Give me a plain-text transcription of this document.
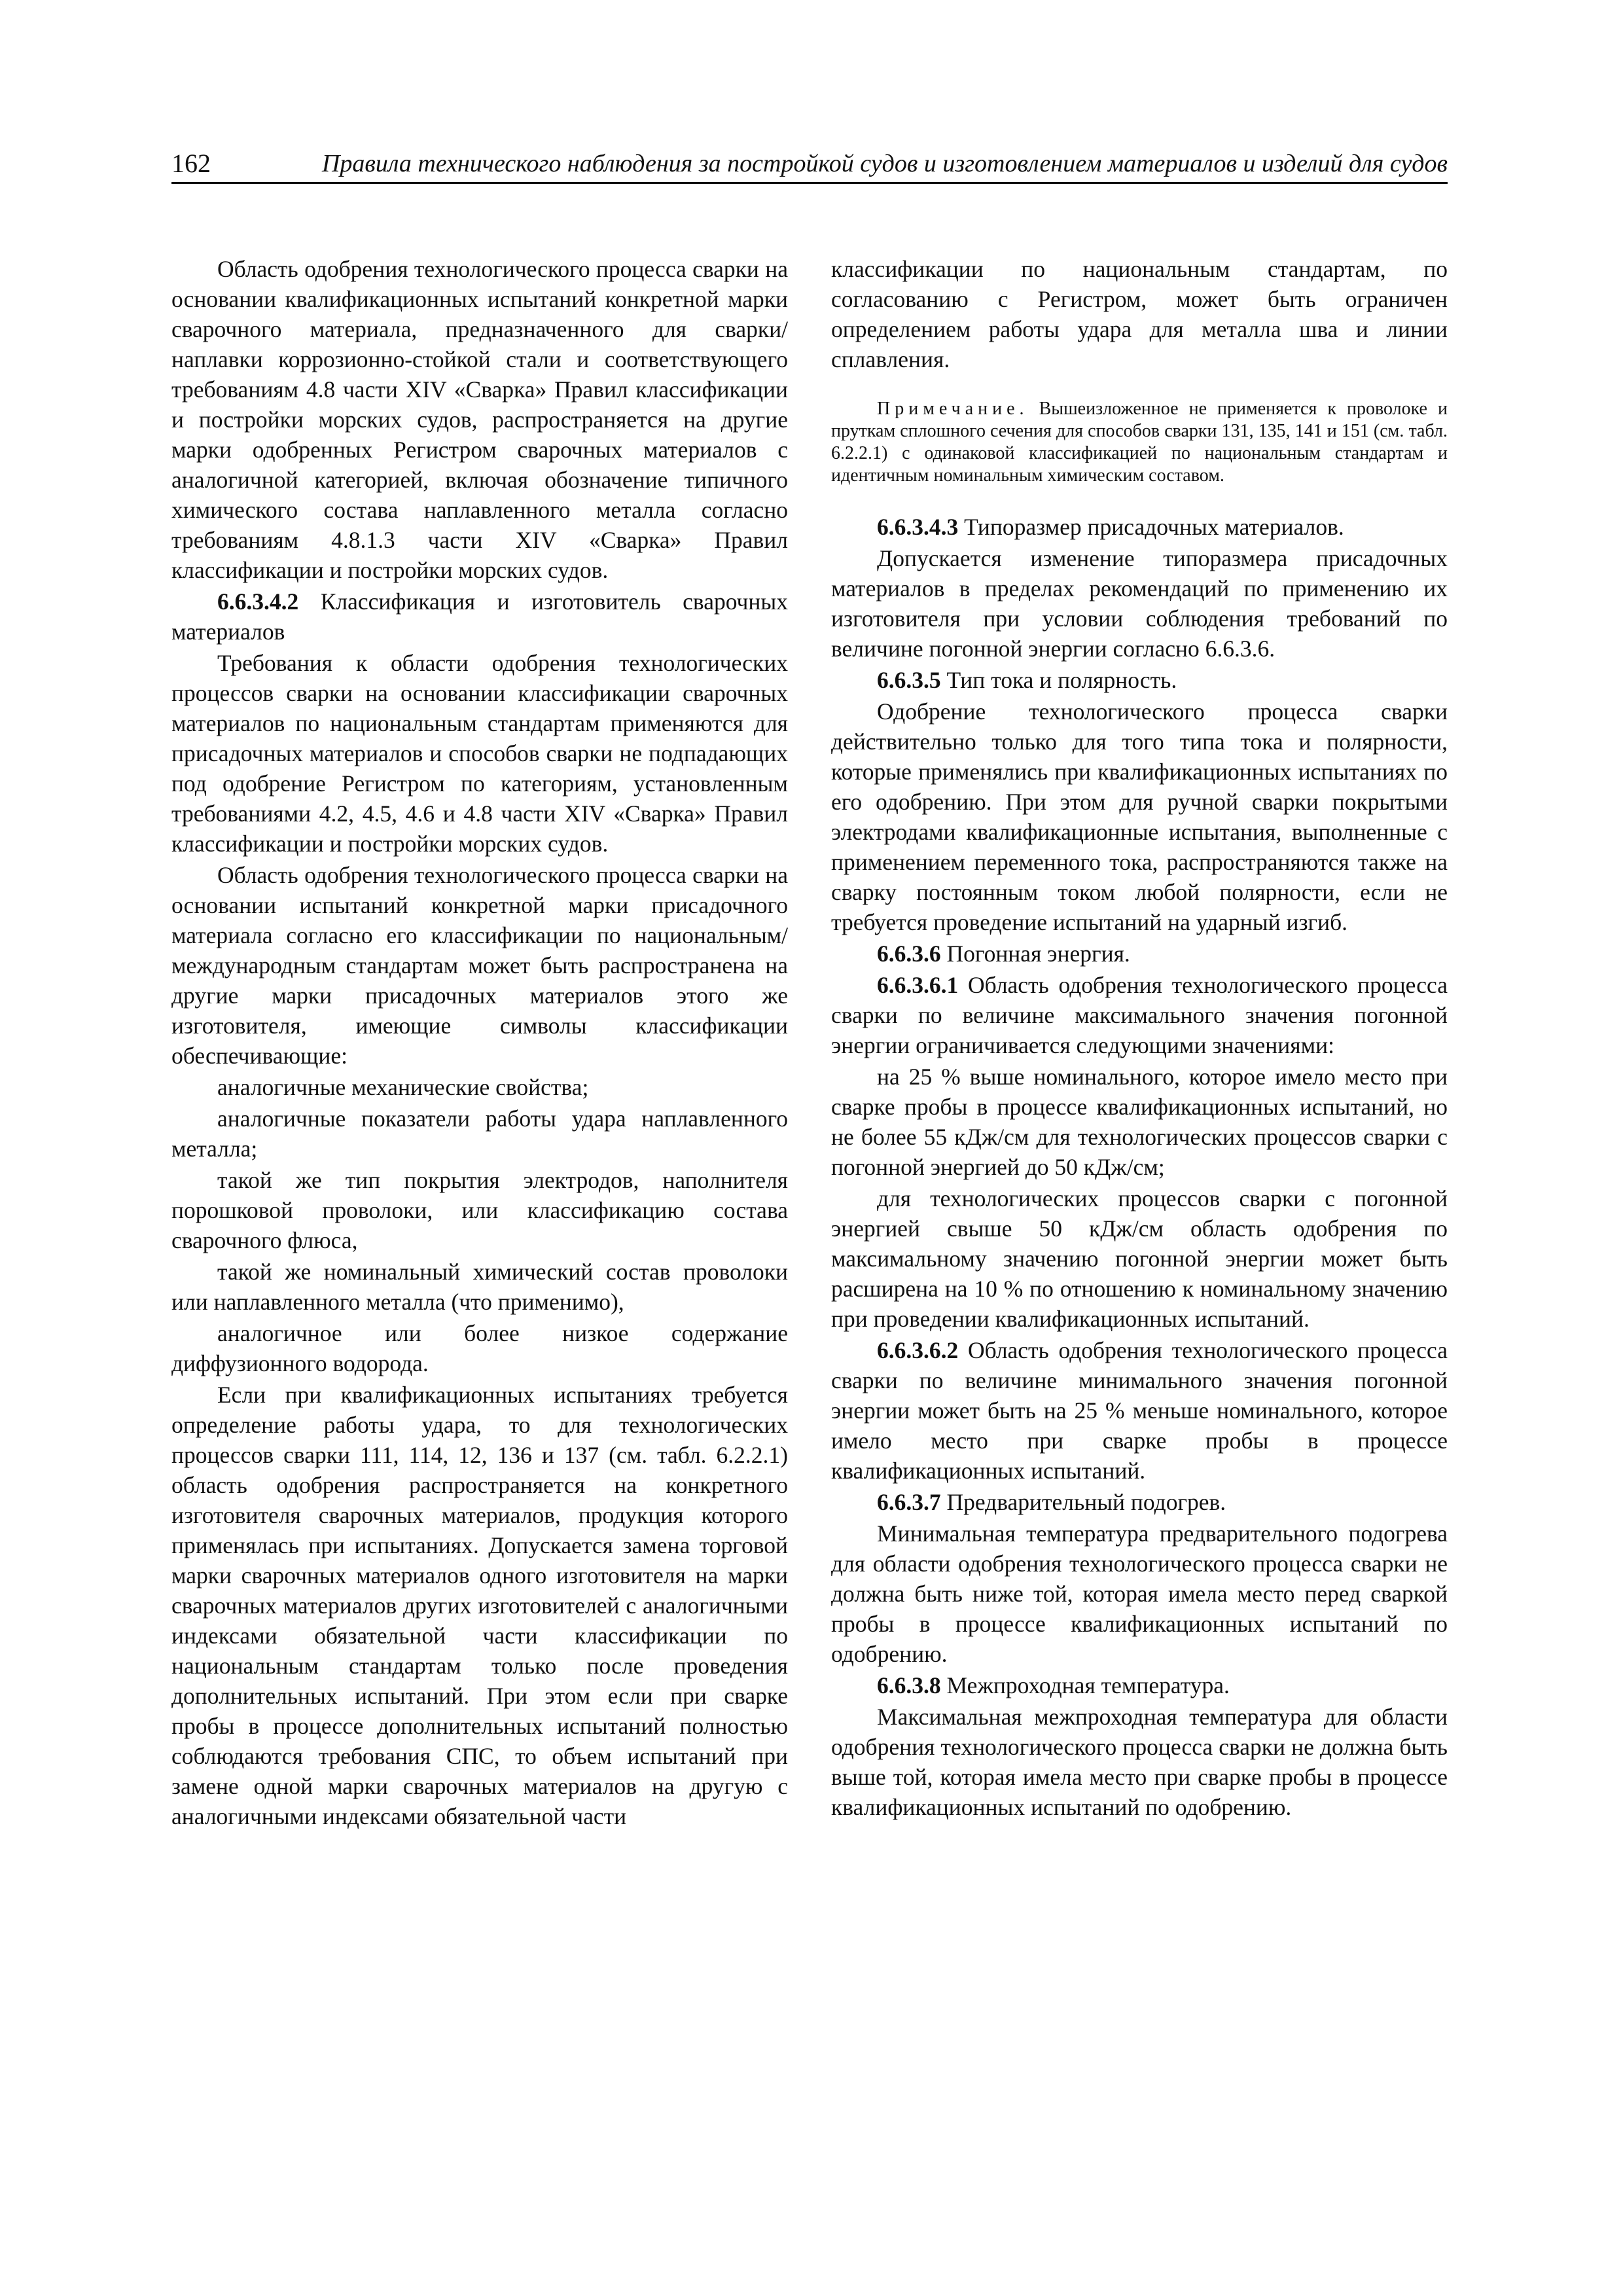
162	Правила технического наблюдения за постройкой судов и изготовлением материалов и изделий для судов

Область одобрения технологического процесса сварки на основании квалификационных испытаний конкретной марки сварочного материала, предназначенного для сварки/наплавки коррозионно-стойкой стали и соответствующего требованиям 4.8 части XIV «Сварка» Правил классификации и постройки морских судов, распространяется на другие марки одобренных Регистром сварочных материалов с аналогичной категорией, включая обозначение типичного химического состава наплавленного металла согласно требованиям 4.8.1.3 части XIV «Сварка» Правил классификации и постройки морских судов.

6.6.3.4.2 Классификация и изготовитель сварочных материалов

Требования к области одобрения технологических процессов сварки на основании классификации сварочных материалов по национальным стандартам применяются для присадочных материалов и способов сварки не подпадающих под одобрение Регистром по категориям, установленным требованиями 4.2, 4.5, 4.6 и 4.8 части XIV «Сварка» Правил классификации и постройки морских судов.

Область одобрения технологического процесса сварки на основании испытаний конкретной марки присадочного материала согласно его классификации по национальным/международным стандартам может быть распространена на другие марки присадочных материалов этого же изготовителя, имеющие символы классификации обеспечивающие:

аналогичные механические свойства;

аналогичные показатели работы удара наплавленного металла;

такой же тип покрытия электродов, наполнителя порошковой проволоки, или классификацию состава сварочного флюса,

такой же номинальный химический состав проволоки или наплавленного металла (что применимо),

аналогичное или более низкое содержание диффузионного водорода.

Если при квалификационных испытаниях требуется определение работы удара, то для технологических процессов сварки 111, 114, 12, 136 и 137 (см. табл. 6.2.2.1) область одобрения распространяется на конкретного изготовителя сварочных материалов, продукция которого применялась при испытаниях. Допускается замена торговой марки сварочных материалов одного изготовителя на марки сварочных материалов других изготовителей с аналогичными индексами обязательной части классификации по национальным стандартам только после проведения дополнительных испытаний. При этом если при сварке пробы в процессе дополнительных испытаний полностью соблюдаются требования СПС, то объем испытаний при замене одной марки сварочных материалов на другую с аналогичными индексами обязательной части

классификации по национальным стандартам, по согласованию с Регистром, может быть ограничен определением работы удара для металла шва и линии сплавления.

Примечание. Вышеизложенное не применяется к проволоке и пруткам сплошного сечения для способов сварки 131, 135, 141 и 151 (см. табл. 6.2.2.1) с одинаковой классификацией по национальным стандартам и идентичным номинальным химическим составом.

6.6.3.4.3 Типоразмер присадочных материалов.

Допускается изменение типоразмера присадочных материалов в пределах рекомендаций по применению их изготовителя при условии соблюдения требований по величине погонной энергии согласно 6.6.3.6.

6.6.3.5 Тип тока и полярность.

Одобрение технологического процесса сварки действительно только для того типа тока и полярности, которые применялись при квалификационных испытаниях по его одобрению. При этом для ручной сварки покрытыми электродами квалификационные испытания, выполненные с применением переменного тока, распространяются также на сварку постоянным током любой полярности, если не требуется проведение испытаний на ударный изгиб.

6.6.3.6 Погонная энергия.

6.6.3.6.1 Область одобрения технологического процесса сварки по величине максимального значения погонной энергии ограничивается следующими значениями:

на 25 % выше номинального, которое имело место при сварке пробы в процессе квалификационных испытаний, но не более 55 кДж/см для технологических процессов сварки с погонной энергией до 50 кДж/см;

для технологических процессов сварки с погонной энергией свыше 50 кДж/см область одобрения по максимальному значению погонной энергии может быть расширена на 10 % по отношению к номинальному значению при проведении квалификационных испытаний.

6.6.3.6.2 Область одобрения технологического процесса сварки по величине минимального значения погонной энергии может быть на 25 % меньше номинального, которое имело место при сварке пробы в процессе квалификационных испытаний.

6.6.3.7 Предварительный подогрев.

Минимальная температура предварительного подогрева для области одобрения технологического процесса сварки не должна быть ниже той, которая имела место перед сваркой пробы в процессе квалификационных испытаний по одобрению.

6.6.3.8 Межпроходная температура.

Максимальная межпроходная температура для области одобрения технологического процесса сварки не должна быть выше той, которая имела место при сварке пробы в процессе квалификационных испытаний по одобрению.
